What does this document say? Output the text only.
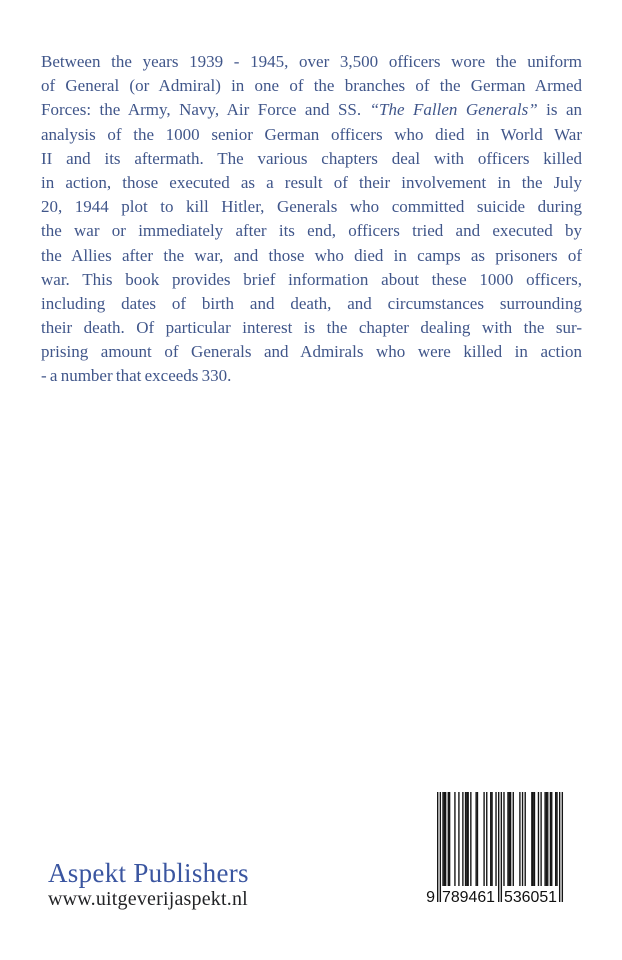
Between the years 1939 - 1945, over 3,500 officers wore the uniform
of General (or Admiral) in one of the branches of the German Armed
Forces: the Army, Navy, Air Force and SS. “The Fallen Generals” is an
analysis of the 1000 senior German officers who died in World War
II and its aftermath. The various chapters deal with officers killed
in action, those executed as a result of their involvement in the July
20, 1944 plot to kill Hitler, Generals who committed suicide during
the war or immediately after its end, officers tried and executed by
the Allies after the war, and those who died in camps as prisoners of
war. This book provides brief information about these 1000 officers,
including dates of birth and death, and circumstances surrounding
their death. Of particular interest is the chapter dealing with the sur-
prising amount of Generals and Admirals who were killed in action
- a number that exceeds 330.
9 789461 536051
Aspekt Publishers
www.uitgeverijaspekt.nl
